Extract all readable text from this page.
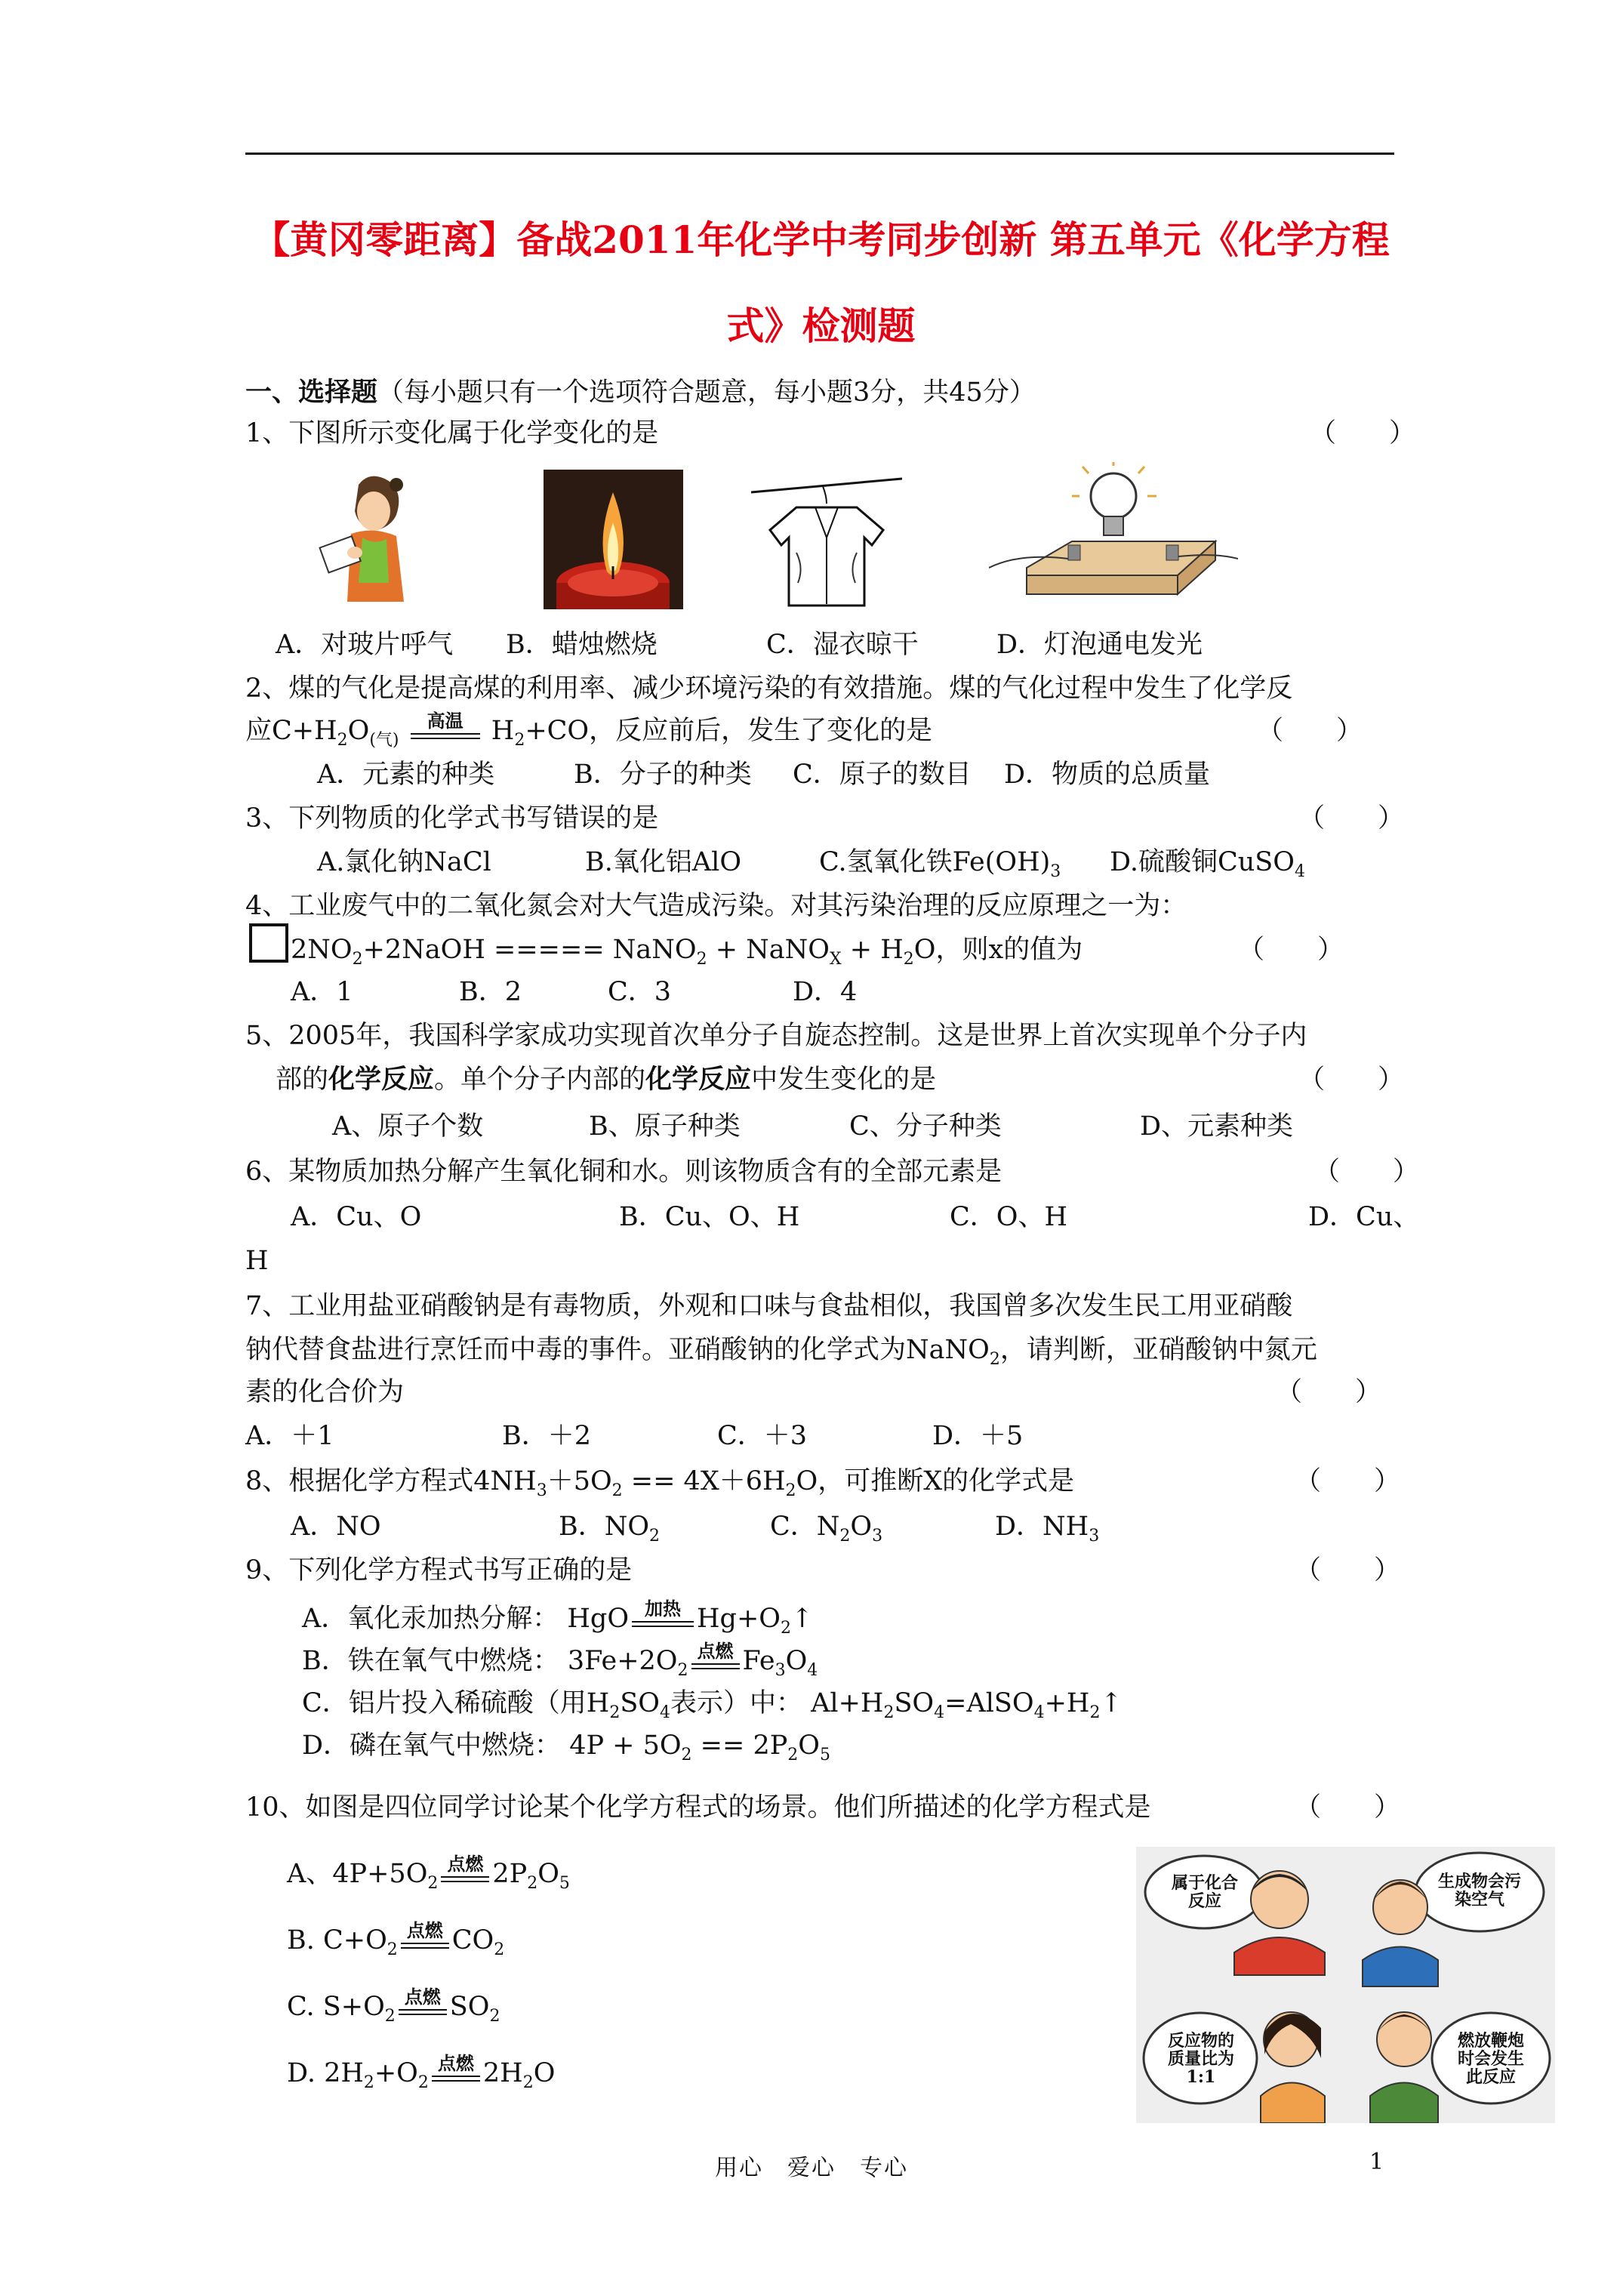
【黄冈零距离】备战2011年化学中考同步创新 第五单元《化学方程
式》检测题
一、选择题（每小题只有一个选项符合题意，每小题3分，共45分）
1、下图所示变化属于化学变化的是	（　　）
A．对玻片呼气 B．蜡烛燃烧	C．湿衣晾干	D．灯泡通电发光
2、煤的气化是提高煤的利用率、减少环境污染的有效措施。煤的气化过程中发生了化学反
应$C+H_2O_{(气)}$
高温	$H_2+CO$，反应前后，发生了变化的是	（　　）
A．元素的种类	B．分子的种类 C．原子的数目 D．物质的总质量
3、下列物质的化学式书写错误的是	（　　）
A.氯化钠NaCl	B.氧化铝AlO	C.氢氧化铁$Fe(OH)_3$ D.硫酸铜CuSO$_4$
4、工业废气中的二氧化氮会对大气造成污染。对其污染治理的反应原理之一为：
$2NO_2+2NaOH$ ===== NaNO$_2$ + NaNO$_X$ + $H_2O$，则x的值为	（　　）
A．1	B．2	C．3	D．4
5、2005年，我国科学家成功实现首次单分子自旋态控制。这是世界上首次实现单个分子内
部的化学反应。单个分子内部的化学反应中发生变化的是	（　　）
A、原子个数	B、原子种类	C、分子种类	D、元素种类
6、某物质加热分解产生氧化铜和水。则该物质含有的全部元素是	（　　）
A．Cu、O	B．Cu、O、H	C．O、H	D．Cu、
H
7、工业用盐亚硝酸钠是有毒物质，外观和口味与食盐相似，我国曾多次发生民工用亚硝酸
钠代替食盐进行烹饪而中毒的事件。亚硝酸钠的化学式为NaNO$_2$，请判断，亚硝酸钠中氮元
素的化合价为	（　　）
A．＋1	B．＋2	C．＋3	D．＋5
8、根据化学方程式$4NH_3+5O_2 == 4X+6H_2O$，可推断X的化学式是	（　　）
A．NO	B．$NO_2$	C．$N_2O_3$	D．$NH_3$
9、下列化学方程式书写正确的是	（　　）
A．氧化汞加热分解： HgO 加热 $Hg+O_2↑$
B．铁在氧气中燃烧： $3Fe+2O_2$
点燃 $Fe_3O_4$
C．铝片投入稀硫酸（用$H_2SO_4$表示）中： $Al+H_2SO_4=AlSO_4+H_2↑$
D．磷在氧气中燃烧： $4P + 5O_2 == 2P_2O_5$
10、如图是四位同学讨论某个化学方程式的场景。他们所描述的化学方程式是	（　　）
A、$4P+5O_2$
点燃 $2P_2O_5$
B. $C+O_2$
点燃 $CO_2$
C. $S+O_2$
点燃 $SO_2$
D. $2H_2+O_2$
点燃 $2H_2O$
属于化合反应
生成物会污染空气
反应物的质量比为1:1
燃放鞭炮时会发生此反应
用心　爱心　专心	1
